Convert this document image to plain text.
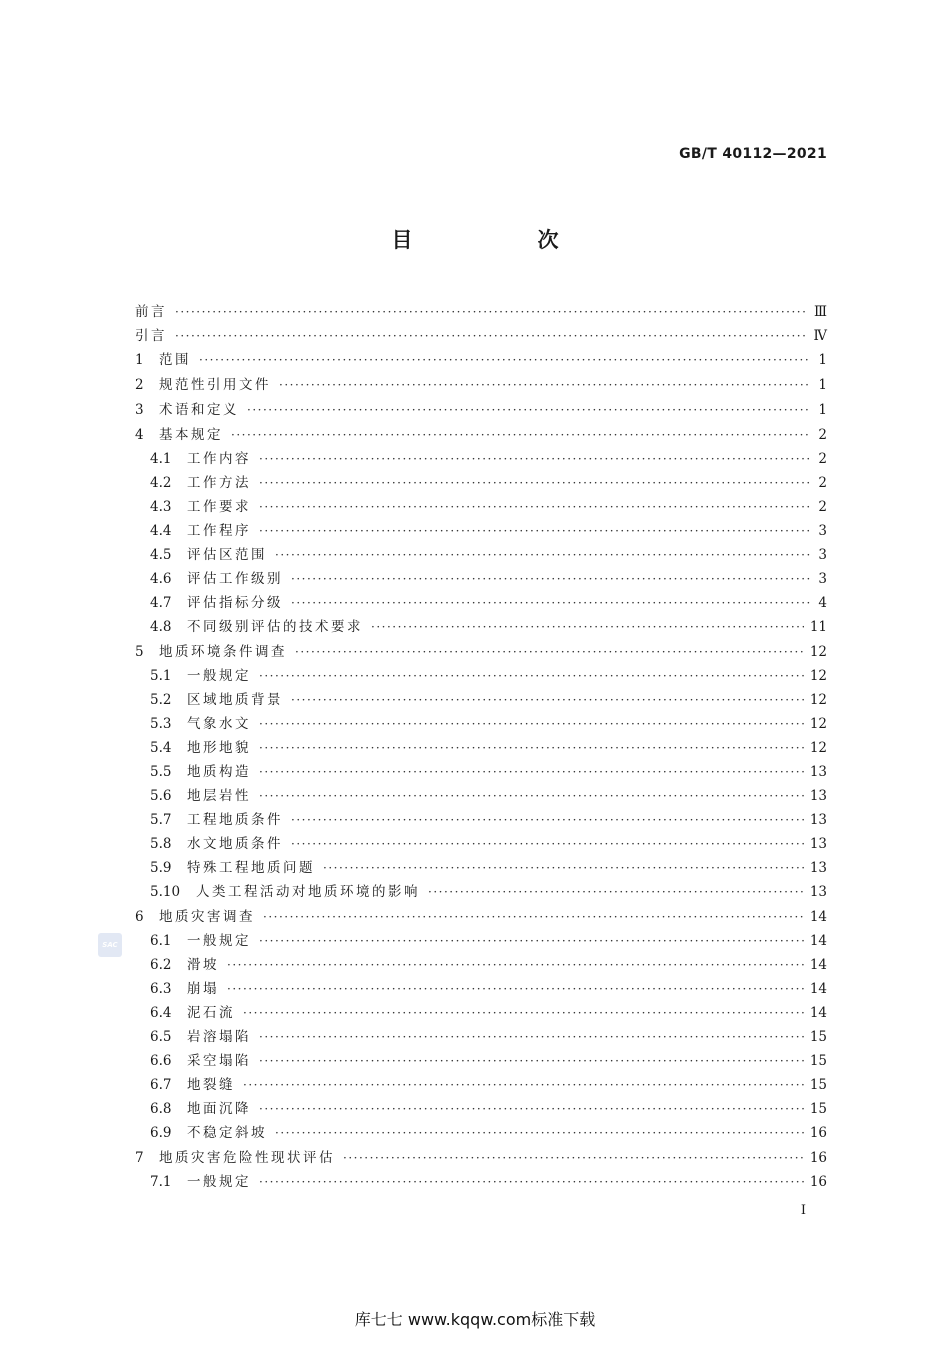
GB/T 40112—2021
目　次
前言 ·····	Ⅲ
引言 ·····	Ⅳ
1	范围 ·····	1
2	规范性引用文件 ·····	1
3	术语和定义 ·····	1
4	基本规定 ·····	2
4.1	工作内容 ·····	2
4.2	工作方法 ·····	2
4.3	工作要求 ·····	2
4.4	工作程序 ·····	3
4.5	评估区范围 ·····	3
4.6	评估工作级别 ·····	3
4.7	评估指标分级 ·····	4
4.8	不同级别评估的技术要求 ·····	11
5	地质环境条件调查 ·····	12
5.1	一般规定 ·····	12
5.2	区域地质背景 ·····	12
5.3	气象水文 ·····	12
5.4	地形地貌 ·····	12
5.5	地质构造 ·····	13
5.6	地层岩性 ·····	13
5.7	工程地质条件 ·····	13
5.8	水文地质条件 ·····	13
5.9	特殊工程地质问题 ·····	13
5.10	人类工程活动对地质环境的影响 ·····	13
6	地质灾害调查 ·····	14
6.1	一般规定 ·····	14
6.2	滑坡 ·····	14
6.3	崩塌 ·····	14
6.4	泥石流 ·····	14
6.5	岩溶塌陷 ·····	15
6.6	采空塌陷 ·····	15
6.7	地裂缝 ·····	15
6.8	地面沉降 ·····	15
6.9	不稳定斜坡 ·····	16
7	地质灾害危险性现状评估 ·····	16
7.1	一般规定 ·····	16
SAC
I
库七七 www.kqqw.com标准下载
